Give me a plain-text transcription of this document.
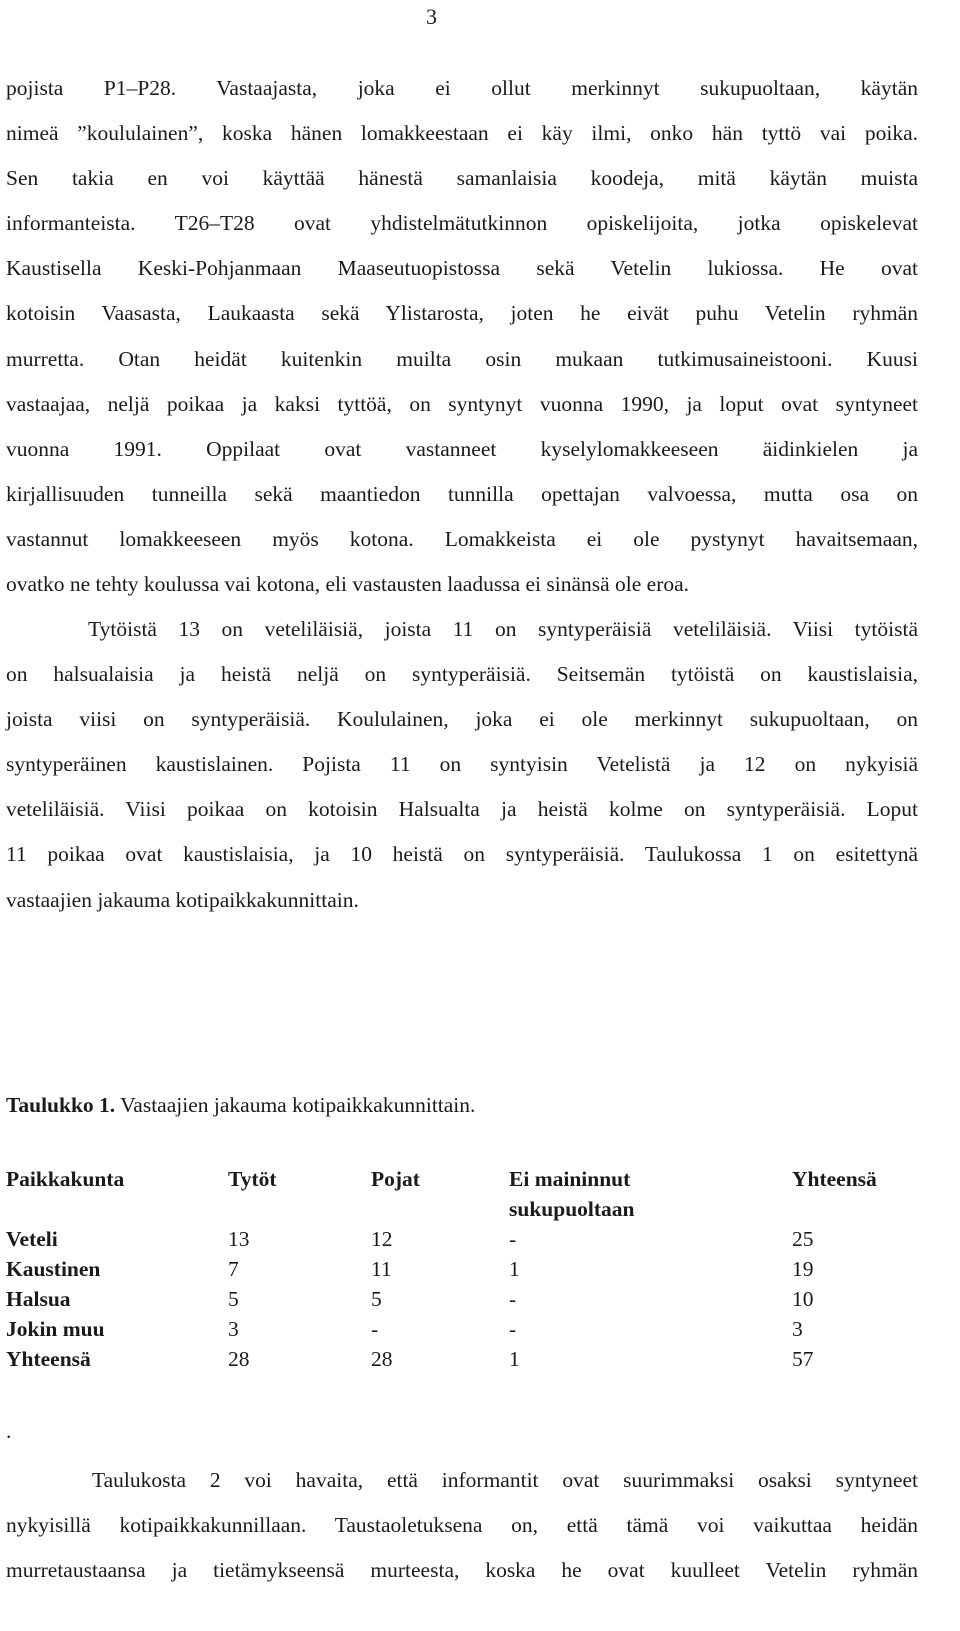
3
pojista P1–P28. Vastaajasta, joka ei ollut merkinnyt sukupuoltaan, käytän
nimeä ”koululainen”, koska hänen lomakkeestaan ei käy ilmi, onko hän tyttö vai poika.
Sen takia en voi käyttää hänestä samanlaisia koodeja, mitä käytän muista
informanteista. T26–T28 ovat yhdistelmätutkinnon opiskelijoita, jotka opiskelevat
Kaustisella Keski-Pohjanmaan Maaseutuopistossa sekä Vetelin lukiossa. He ovat
kotoisin Vaasasta, Laukaasta sekä Ylistarosta, joten he eivät puhu Vetelin ryhmän
murretta. Otan heidät kuitenkin muilta osin mukaan tutkimusaineistooni. Kuusi
vastaajaa, neljä poikaa ja kaksi tyttöä, on syntynyt vuonna 1990, ja loput ovat syntyneet
vuonna 1991. Oppilaat ovat vastanneet kyselylomakkeeseen äidinkielen ja
kirjallisuuden tunneilla sekä maantiedon tunnilla opettajan valvoessa, mutta osa on
vastannut lomakkeeseen myös kotona. Lomakkeista ei ole pystynyt havaitsemaan,
ovatko ne tehty koulussa vai kotona, eli vastausten laadussa ei sinänsä ole eroa.
Tytöistä 13 on veteliläisiä, joista 11 on syntyperäisiä veteliläisiä. Viisi tytöistä
on halsualaisia ja heistä neljä on syntyperäisiä. Seitsemän tytöistä on kaustislaisia,
joista viisi on syntyperäisiä. Koululainen, joka ei ole merkinnyt sukupuoltaan, on
syntyperäinen kaustislainen. Pojista 11 on syntyisin Vetelistä ja 12 on nykyisiä
veteliläisiä. Viisi poikaa on kotoisin Halsualta ja heistä kolme on syntyperäisiä. Loput
11 poikaa ovat kaustislaisia, ja 10 heistä on syntyperäisiä. Taulukossa 1 on esitettynä
vastaajien jakauma kotipaikkakunnittain.
Taulukko 1. Vastaajien jakauma kotipaikkakunnittain.
Paikkakunta	Tytöt	Pojat	Ei maininnut	Yhteensä
			sukupuoltaan	
Veteli	13	12	-	25
Kaustinen	7	11	1	19
Halsua	5	5	-	10
Jokin muu	3	-	-	3
Yhteensä	28	28	1	57
.
Taulukosta 2 voi havaita, että informantit ovat suurimmaksi osaksi syntyneet
nykyisillä kotipaikkakunnillaan. Taustaoletuksena on, että tämä voi vaikuttaa heidän
murretaustaansa ja tietämykseensä murteesta, koska he ovat kuulleet Vetelin ryhmän
